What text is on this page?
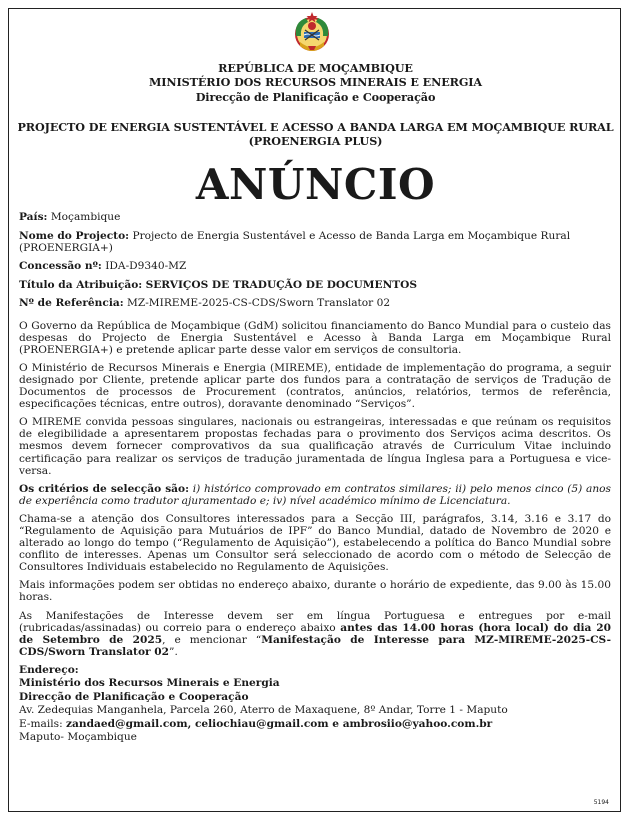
REPÚBLICA DE MOÇAMBIQUE
MINISTÉRIO DOS RECURSOS MINERAIS E ENERGIA
Direcção de Planificação e Cooperação
PROJECTO DE ENERGIA SUSTENTÁVEL E ACESSO A BANDA LARGA EM MOÇAMBIQUE RURAL
(PROENERGIA PLUS)
ANÚNCIO
País: Moçambique
Nome do Projecto: Projecto de Energia Sustentável e Acesso de Banda Larga em Moçambique Rural (PROENERGIA+)
Concessão nº: IDA-D9340-MZ
Título da Atribuição: SERVIÇOS DE TRADUÇÃO DE DOCUMENTOS
Nº de Referência: MZ-MIREME-2025-CS-CDS/Sworn Translator 02
O Governo da República de Moçambique (GdM) solicitou financiamento do Banco Mundial para o custeio das despesas do Projecto de Energia Sustentável e Acesso à Banda Larga em Moçambique Rural (PROENERGIA+) e pretende aplicar parte desse valor em serviços de consultoria.
O Ministério de Recursos Minerais e Energia (MIREME), entidade de implementação do programa, a seguir designado por Cliente, pretende aplicar parte dos fundos para a contratação de serviços de Tradução de Documentos de processos de Procurement (contratos, anúncios, relatórios, termos de referência, especificações técnicas, entre outros), doravante denominado “Serviços”.
O MIREME convida pessoas singulares, nacionais ou estrangeiras, interessadas e que reúnam os requisitos de elegibilidade a apresentarem propostas fechadas para o provimento dos Serviços acima descritos. Os mesmos devem fornecer comprovativos da sua qualificação através de Curriculum Vitae incluindo certificação para realizar os serviços de tradução juramentada de língua Inglesa para a Portuguesa e vice-versa.
Os critérios de selecção são: i) histórico comprovado em contratos similares; ii) pelo menos cinco (5) anos de experiência como tradutor ajuramentado e; iv) nível académico mínimo de Licenciatura.
Chama-se a atenção dos Consultores interessados para a Secção III, parágrafos, 3.14, 3.16 e 3.17 do “Regulamento de Aquisição para Mutuários de IPF” do Banco Mundial, datado de Novembro de 2020 e alterado ao longo do tempo (“Regulamento de Aquisição”), estabelecendo a política do Banco Mundial sobre conflito de interesses. Apenas um Consultor será seleccionado de acordo com o método de Selecção de Consultores Individuais estabelecido no Regulamento de Aquisições.
Mais informações podem ser obtidas no endereço abaixo, durante o horário de expediente, das 9.00 às 15.00 horas.
As Manifestações de Interesse devem ser em língua Portuguesa e entregues por e-mail (rubricadas/assinadas) ou correio para o endereço abaixo antes das 14.00 horas (hora local) do dia 20 de Setembro de 2025, e mencionar “Manifestação de Interesse para MZ-MIREME-2025-CS-CDS/Sworn Translator 02”.
Endereço:
Ministério dos Recursos Minerais e Energia
Direcção de Planificação e Cooperação
Av. Zedequias Manganhela, Parcela 260, Aterro de Maxaquene, 8º Andar, Torre 1 - Maputo
E-mails: zandaed@gmail.com, celiochiau@gmail.com e ambrosiio@yahoo.com.br
Maputo- Moçambique
5194
